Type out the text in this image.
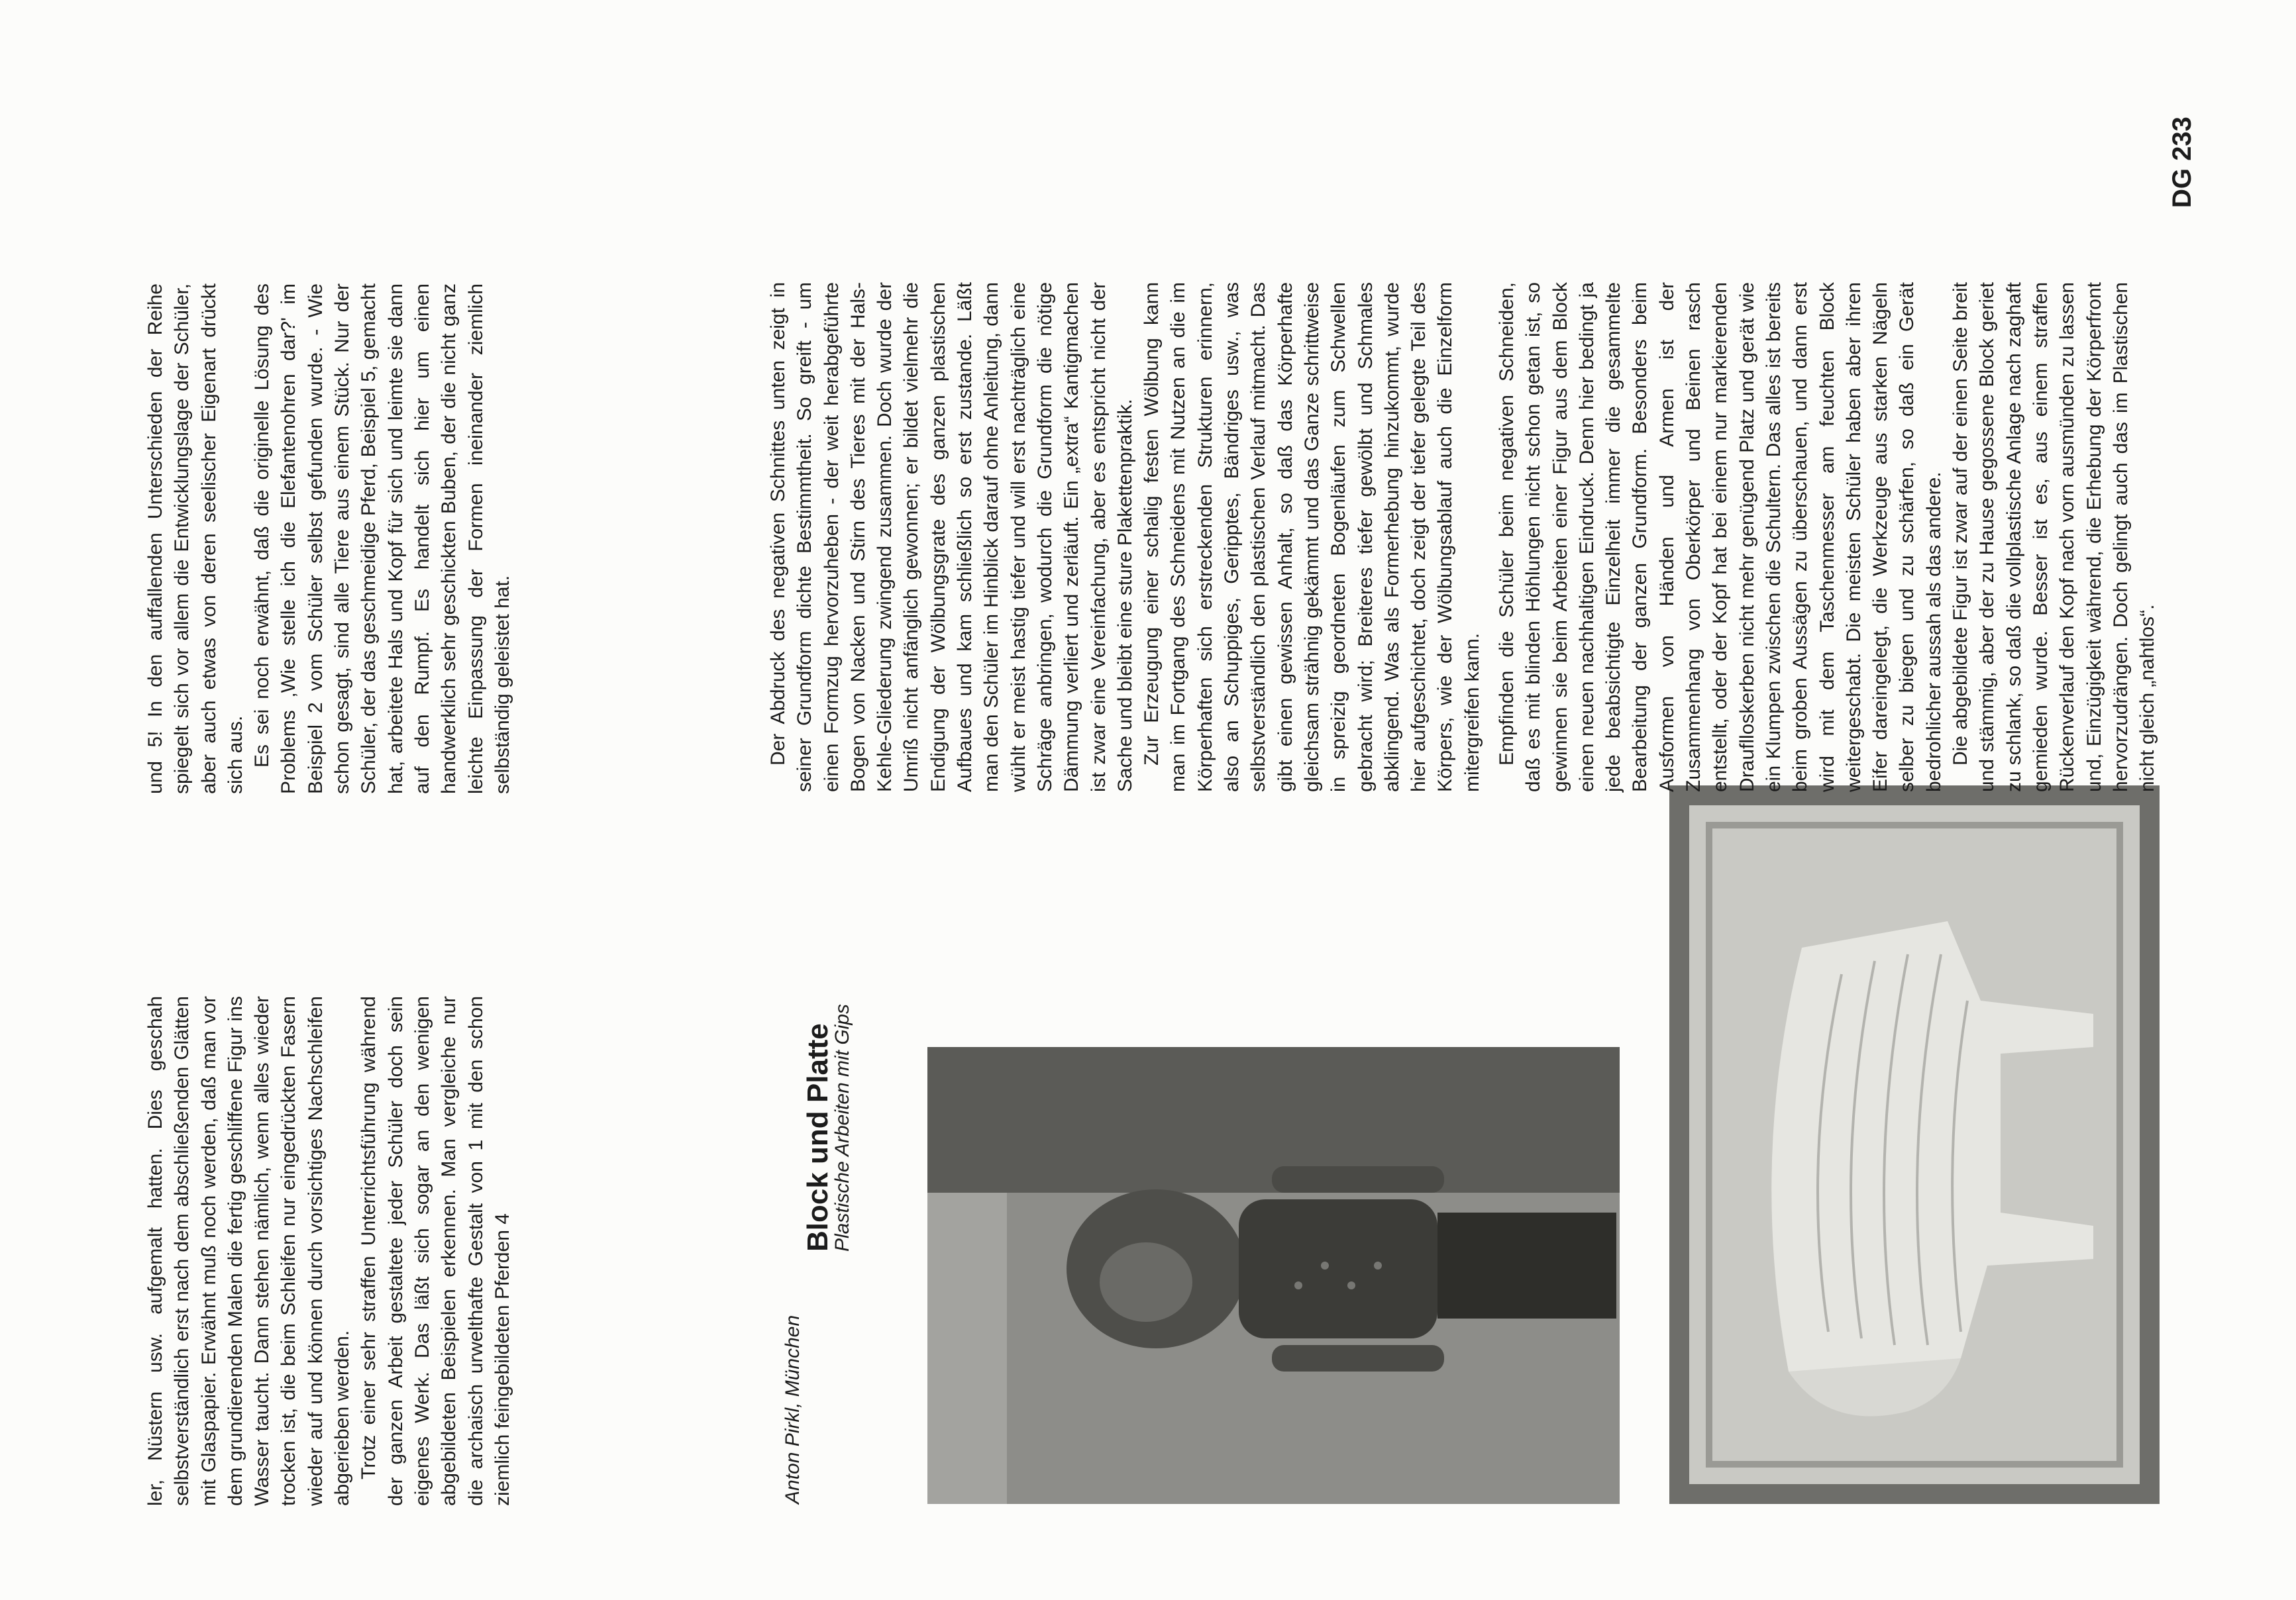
ler, Nüstern usw. aufgemalt hatten. Dies geschah selbstverständlich erst nach dem abschließenden Glätten mit Glaspapier. Erwähnt muß noch werden, daß man vor dem grundierenden Malen die fertig geschliffene Figur ins Wasser taucht. Dann stehen nämlich, wenn alles wieder trocken ist, die beim Schleifen nur eingedrückten Fasern wieder auf und können durch vorsichtiges Nachschleifen abgerieben werden. Trotz einer sehr straffen Unterrichtsführung während der ganzen Arbeit gestaltete jeder Schüler doch sein eigenes Werk. Das läßt sich sogar an den wenigen abgebildeten Beispielen erkennen. Man vergleiche nur die archaisch urwelthafte Gestalt von 1 mit den schon ziemlich feingebildeten Pferden 4

und 5! In den auffallenden Unterschieden der Reihe spiegelt sich vor allem die Entwicklungslage der Schüler, aber auch etwas von deren seelischer Eigenart drückt sich aus. Es sei noch erwähnt, daß die originelle Lösung des Problems ‚Wie stelle ich die Elefantenohren dar?' im Beispiel 2 vom Schüler selbst gefunden wurde. - Wie schon gesagt, sind alle Tiere aus einem Stück. Nur der Schüler, der das geschmeidige Pferd, Beispiel 5, gemacht hat, arbeitete Hals und Kopf für sich und leimte sie dann auf den Rumpf. Es handelt sich hier um einen handwerklich sehr geschickten Buben, der die nicht ganz leichte Einpassung der Formen ineinander ziemlich selbständig geleistet hat.

Anton Pirkl, München
Block und Platte
Plastische Arbeiten mit Gips

Der Abdruck des negativen Schnittes unten zeigt in seiner Grundform dichte Bestimmtheit. So greift - um einen Formzug hervorzuheben - der weit herabgeführte Bogen von Nacken und Stirn des Tieres mit der Hals-Kehle-Gliederung zwingend zusammen. Doch wurde der Umriß nicht anfänglich gewonnen; er bildet vielmehr die Endigung der Wölbungsgrate des ganzen plastischen Aufbaues und kam schließlich so erst zustande. Läßt man den Schüler im Hinblick darauf ohne Anleitung, dann wühlt er meist hastig tiefer und will erst nachträglich eine Schräge anbringen, wodurch die Grundform die nötige Dämmung verliert und zerläuft. Ein „extra“ Kantigmachen ist zwar eine Vereinfachung, aber es entspricht nicht der Sache und bleibt eine sture Plakettenpraktik. Zur Erzeugung einer schalig festen Wölbung kann man im Fortgang des Schneidens mit Nutzen an die im Körperhaften sich erstreckenden Strukturen erinnern, also an Schuppiges, Geripptes, Bändriges usw., was selbstverständlich den plastischen Verlauf mitmacht. Das gibt einen gewissen Anhalt, so daß das Körperhafte gleichsam strähnig gekämmt und das Ganze schrittweise in spreizig geordneten Bogenläufen zum Schwellen gebracht wird; Breiteres tiefer gewölbt und Schmales abklingend. Was als Formerhebung hinzukommt, wurde hier aufgeschichtet, doch zeigt der tiefer gelegte Teil des Körpers, wie der Wölbungsablauf auch die Einzelform mitergreifen kann. Empfinden die Schüler beim negativen Schneiden, daß es mit blinden Höhlungen nicht schon getan ist, so gewinnen sie beim Arbeiten einer Figur aus dem Block einen neuen nachhaltigen Eindruck. Denn hier bedingt ja jede beabsichtigte Einzelheit immer die gesammelte Bearbeitung der ganzen Grundform. Besonders beim Ausformen von Händen und Armen ist der Zusammenhang von Oberkörper und Beinen rasch entstellt, oder der Kopf hat bei einem nur markierenden Drauflloskerben nicht mehr genügend Platz und gerät wie ein Klumpen zwischen die Schultern. Das alles ist bereits beim groben Aussägen zu überschauen, und dann erst wird mit dem Taschenmesser am feuchten Block weitergeschabt. Die meisten Schüler haben aber ihren Eifer dareingelegt, die Werkzeuge aus starken Nägeln selber zu biegen und zu schärfen, so daß ein Gerät bedrohlicher aussah als das andere. Die abgebildete Figur ist zwar auf der einen Seite breit und stämmig, aber der zu Hause gegossene Block geriet zu schlank, so daß die vollplastische Anlage nach zaghaft gemieden wurde. Besser ist es, aus einem straffen Rückenverlauf den Kopf nach vorn ausmünden zu lassen und, Einzügigkeit während, die Erhebung der Körperfront hervorzudrängen. Doch gelingt auch das im Plastischen nicht gleich „nahtlos“.

DG 233
